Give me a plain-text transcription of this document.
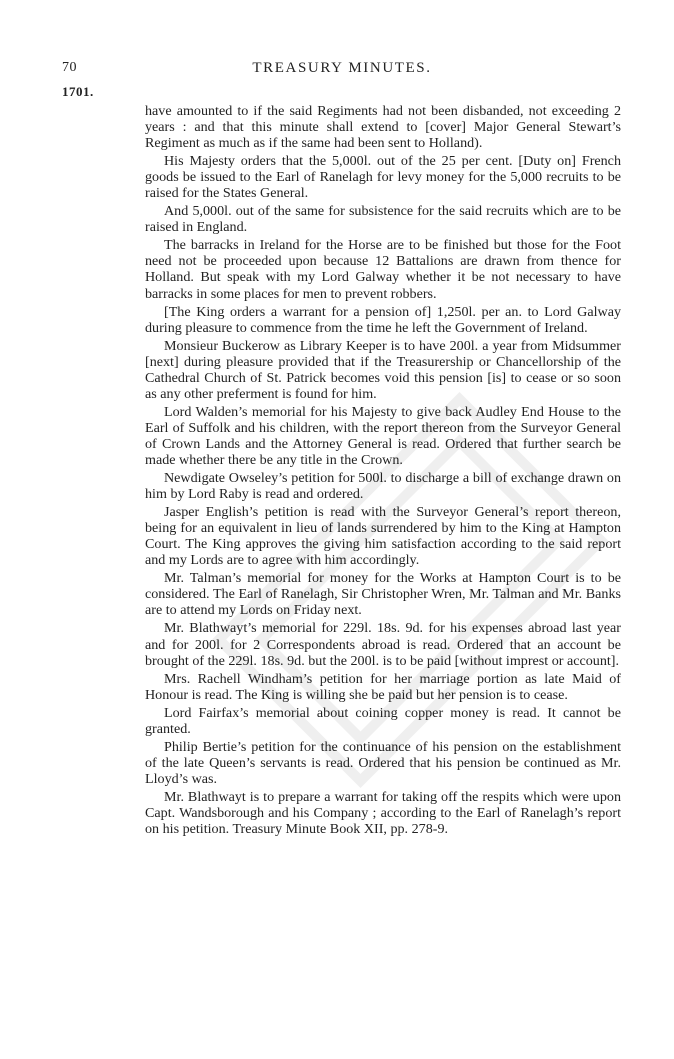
70	TREASURY MINUTES.
1701.

have amounted to if the said Regiments had not been disbanded, not exceeding 2 years : and that this minute shall extend to [cover] Major General Stewart’s Regiment as much as if the same had been sent to Holland).

His Majesty orders that the 5,000l. out of the 25 per cent. [Duty on] French goods be issued to the Earl of Ranelagh for levy money for the 5,000 recruits to be raised for the States General.

And 5,000l. out of the same for subsistence for the said recruits which are to be raised in England.

The barracks in Ireland for the Horse are to be finished but those for the Foot need not be proceeded upon because 12 Battalions are drawn from thence for Holland. But speak with my Lord Galway whether it be not necessary to have barracks in some places for men to prevent robbers.

[The King orders a warrant for a pension of] 1,250l. per an. to Lord Galway during pleasure to commence from the time he left the Government of Ireland.

Monsieur Buckerow as Library Keeper is to have 200l. a year from Midsummer [next] during pleasure provided that if the Treasurership or Chancellorship of the Cathedral Church of St. Patrick becomes void this pension [is] to cease or so soon as any other preferment is found for him.

Lord Walden’s memorial for his Majesty to give back Audley End House to the Earl of Suffolk and his children, with the report thereon from the Surveyor General of Crown Lands and the Attorney General is read. Ordered that further search be made whether there be any title in the Crown.

Newdigate Owseley’s petition for 500l. to discharge a bill of exchange drawn on him by Lord Raby is read and ordered.

Jasper English’s petition is read with the Surveyor General’s report thereon, being for an equivalent in lieu of lands surrendered by him to the King at Hampton Court. The King approves the giving him satisfaction according to the said report and my Lords are to agree with him accordingly.

Mr. Talman’s memorial for money for the Works at Hampton Court is to be considered. The Earl of Ranelagh, Sir Christopher Wren, Mr. Talman and Mr. Banks are to attend my Lords on Friday next.

Mr. Blathwayt’s memorial for 229l. 18s. 9d. for his expenses abroad last year and for 200l. for 2 Correspondents abroad is read. Ordered that an account be brought of the 229l. 18s. 9d. but the 200l. is to be paid [without imprest or account].

Mrs. Rachell Windham’s petition for her marriage portion as late Maid of Honour is read. The King is willing she be paid but her pension is to cease.

Lord Fairfax’s memorial about coining copper money is read. It cannot be granted.

Philip Bertie’s petition for the continuance of his pension on the establishment of the late Queen’s servants is read. Ordered that his pension be continued as Mr. Lloyd’s was.

Mr. Blathwayt is to prepare a warrant for taking off the respits which were upon Capt. Wandsborough and his Company ; according to the Earl of Ranelagh’s report on his petition. Treasury Minute Book XII, pp. 278-9.
